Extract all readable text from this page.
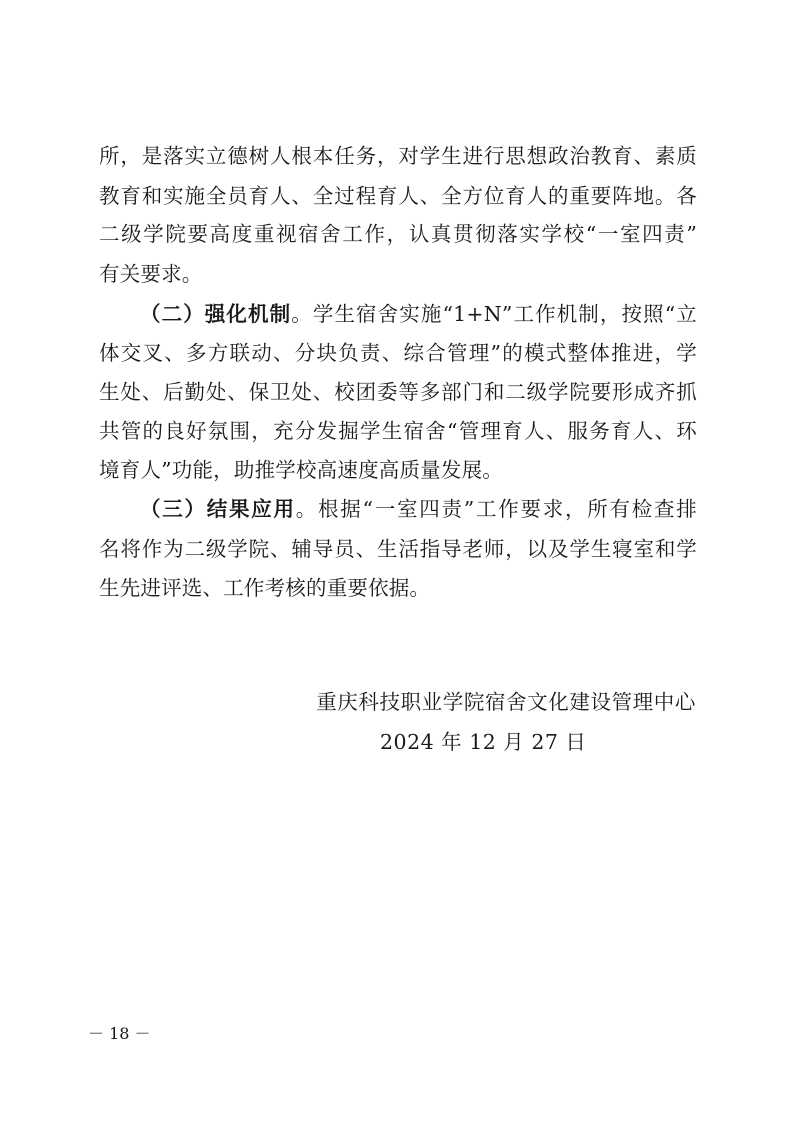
所，是落实立德树人根本任务，对学生进行思想政治教育、素质
教育和实施全员育人、全过程育人、全方位育人的重要阵地。各
二级学院要高度重视宿舍工作，认真贯彻落实学校“一室四责”
有关要求。
（二）强化机制。学生宿舍实施“1+N”工作机制，按照“立
体交叉、多方联动、分块负责、综合管理”的模式整体推进，学
生处、后勤处、保卫处、校团委等多部门和二级学院要形成齐抓
共管的良好氛围，充分发掘学生宿舍“管理育人、服务育人、环
境育人”功能，助推学校高速度高质量发展。
（三）结果应用。根据“一室四责”工作要求，所有检查排
名将作为二级学院、辅导员、生活指导老师，以及学生寝室和学
生先进评选、工作考核的重要依据。
重庆科技职业学院宿舍文化建设管理中心
2024 年 12 月 27 日
－ 18 －
